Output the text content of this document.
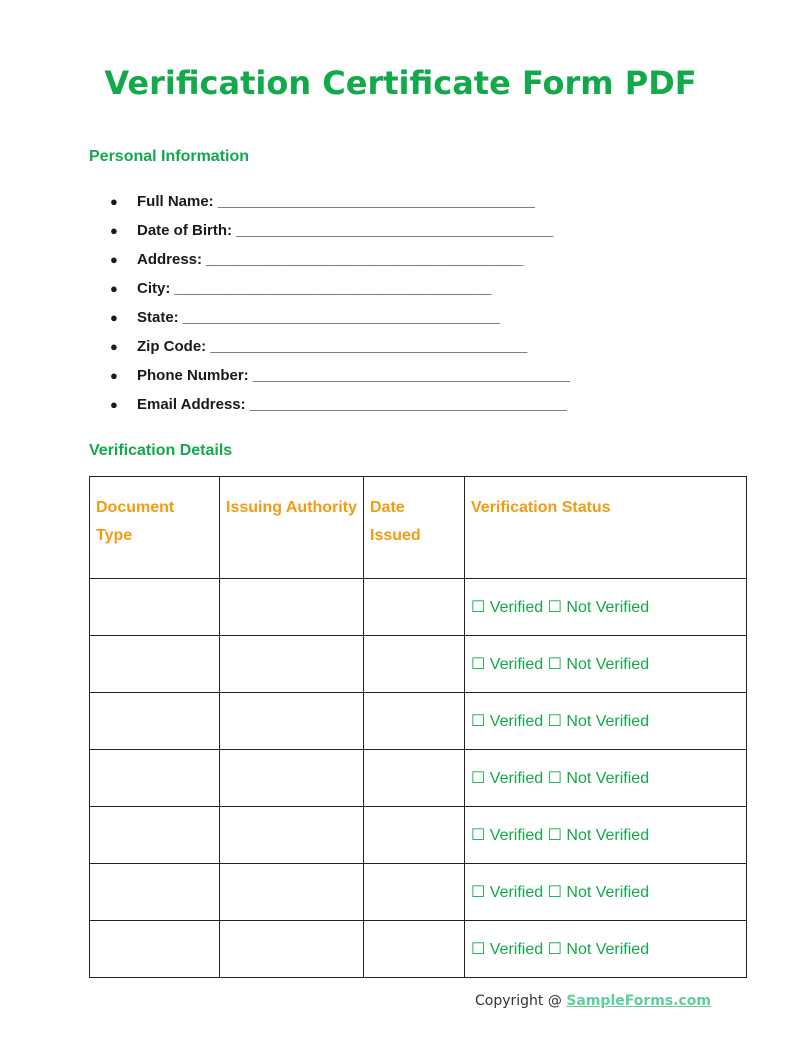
Verification Certificate Form PDF
Personal Information
● Full Name: ______________________________________
● Date of Birth: ______________________________________
● Address: ______________________________________
● City: ______________________________________
● State: ______________________________________
● Zip Code: ______________________________________
● Phone Number: ______________________________________
● Email Address: ______________________________________
Verification Details
Document Type	Issuing Authority	Date Issued	Verification Status
			☐ Verified ☐ Not Verified
			☐ Verified ☐ Not Verified
			☐ Verified ☐ Not Verified
			☐ Verified ☐ Not Verified
			☐ Verified ☐ Not Verified
			☐ Verified ☐ Not Verified
			☐ Verified ☐ Not Verified
Copyright @ SampleForms.com
